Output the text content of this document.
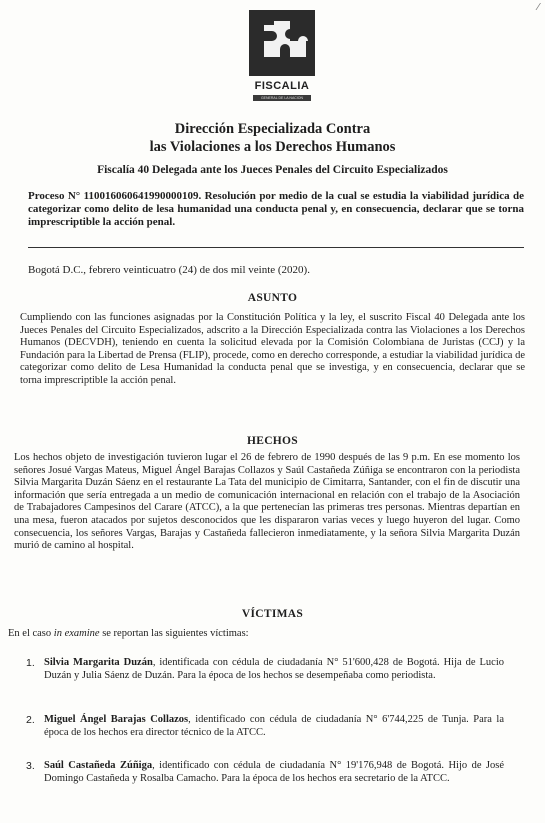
⁄
FISCALIA
GENERAL DE LA NACION
Dirección Especializada Contra
las Violaciones a los Derechos Humanos
Fiscalía 40 Delegada ante los Jueces Penales del Circuito Especializados
Proceso N° 110016060641990000109. Resolución por medio de la cual se estudia la viabilidad jurídica de categorizar como delito de lesa humanidad una conducta penal y, en consecuencia, declarar que se torna imprescriptible la acción penal.
Bogotá D.C., febrero veinticuatro (24) de dos mil veinte (2020).
ASUNTO
Cumpliendo con las funciones asignadas por la Constitución Política y la ley, el suscrito Fiscal 40 Delegada ante los Jueces Penales del Circuito Especializados, adscrito a la Dirección Especializada contra las Violaciones a los Derechos Humanos (DECVDH), teniendo en cuenta la solicitud elevada por la Comisión Colombiana de Juristas (CCJ) y la Fundación para la Libertad de Prensa (FLIP), procede, como en derecho corresponde, a estudiar la viabilidad jurídica de categorizar como delito de Lesa Humanidad la conducta penal que se investiga, y en consecuencia, declarar que se torna imprescriptible la acción penal.
HECHOS
Los hechos objeto de investigación tuvieron lugar el 26 de febrero de 1990 después de las 9 p.m. En ese momento los señores Josué Vargas Mateus, Miguel Ángel Barajas Collazos y Saúl Castañeda Zúñiga se encontraron con la periodista Silvia Margarita Duzán Sáenz en el restaurante La Tata del municipio de Cimitarra, Santander, con el fin de discutir una información que sería entregada a un medio de comunicación internacional en relación con el trabajo de la Asociación de Trabajadores Campesinos del Carare (ATCC), a la que pertenecían las primeras tres personas. Mientras departían en una mesa, fueron atacados por sujetos desconocidos que les dispararon varias veces y luego huyeron del lugar. Como consecuencia, los señores Vargas, Barajas y Castañeda fallecieron inmediatamente, y la señora Silvia Margarita Duzán murió de camino al hospital.
VÍCTIMAS
En el caso in examine se reportan las siguientes víctimas:
1. Silvia Margarita Duzán, identificada con cédula de ciudadanía N° 51'600,428 de Bogotá. Hija de Lucio Duzán y Julia Sáenz de Duzán. Para la época de los hechos se desempeñaba como periodista.
2. Miguel Ángel Barajas Collazos, identificado con cédula de ciudadanía N° 6'744,225 de Tunja. Para la época de los hechos era director técnico de la ATCC.
3. Saúl Castañeda Zúñiga, identificado con cédula de ciudadanía N° 19'176,948 de Bogotá. Hijo de José Domingo Castañeda y Rosalba Camacho. Para la época de los hechos era secretario de la ATCC.
